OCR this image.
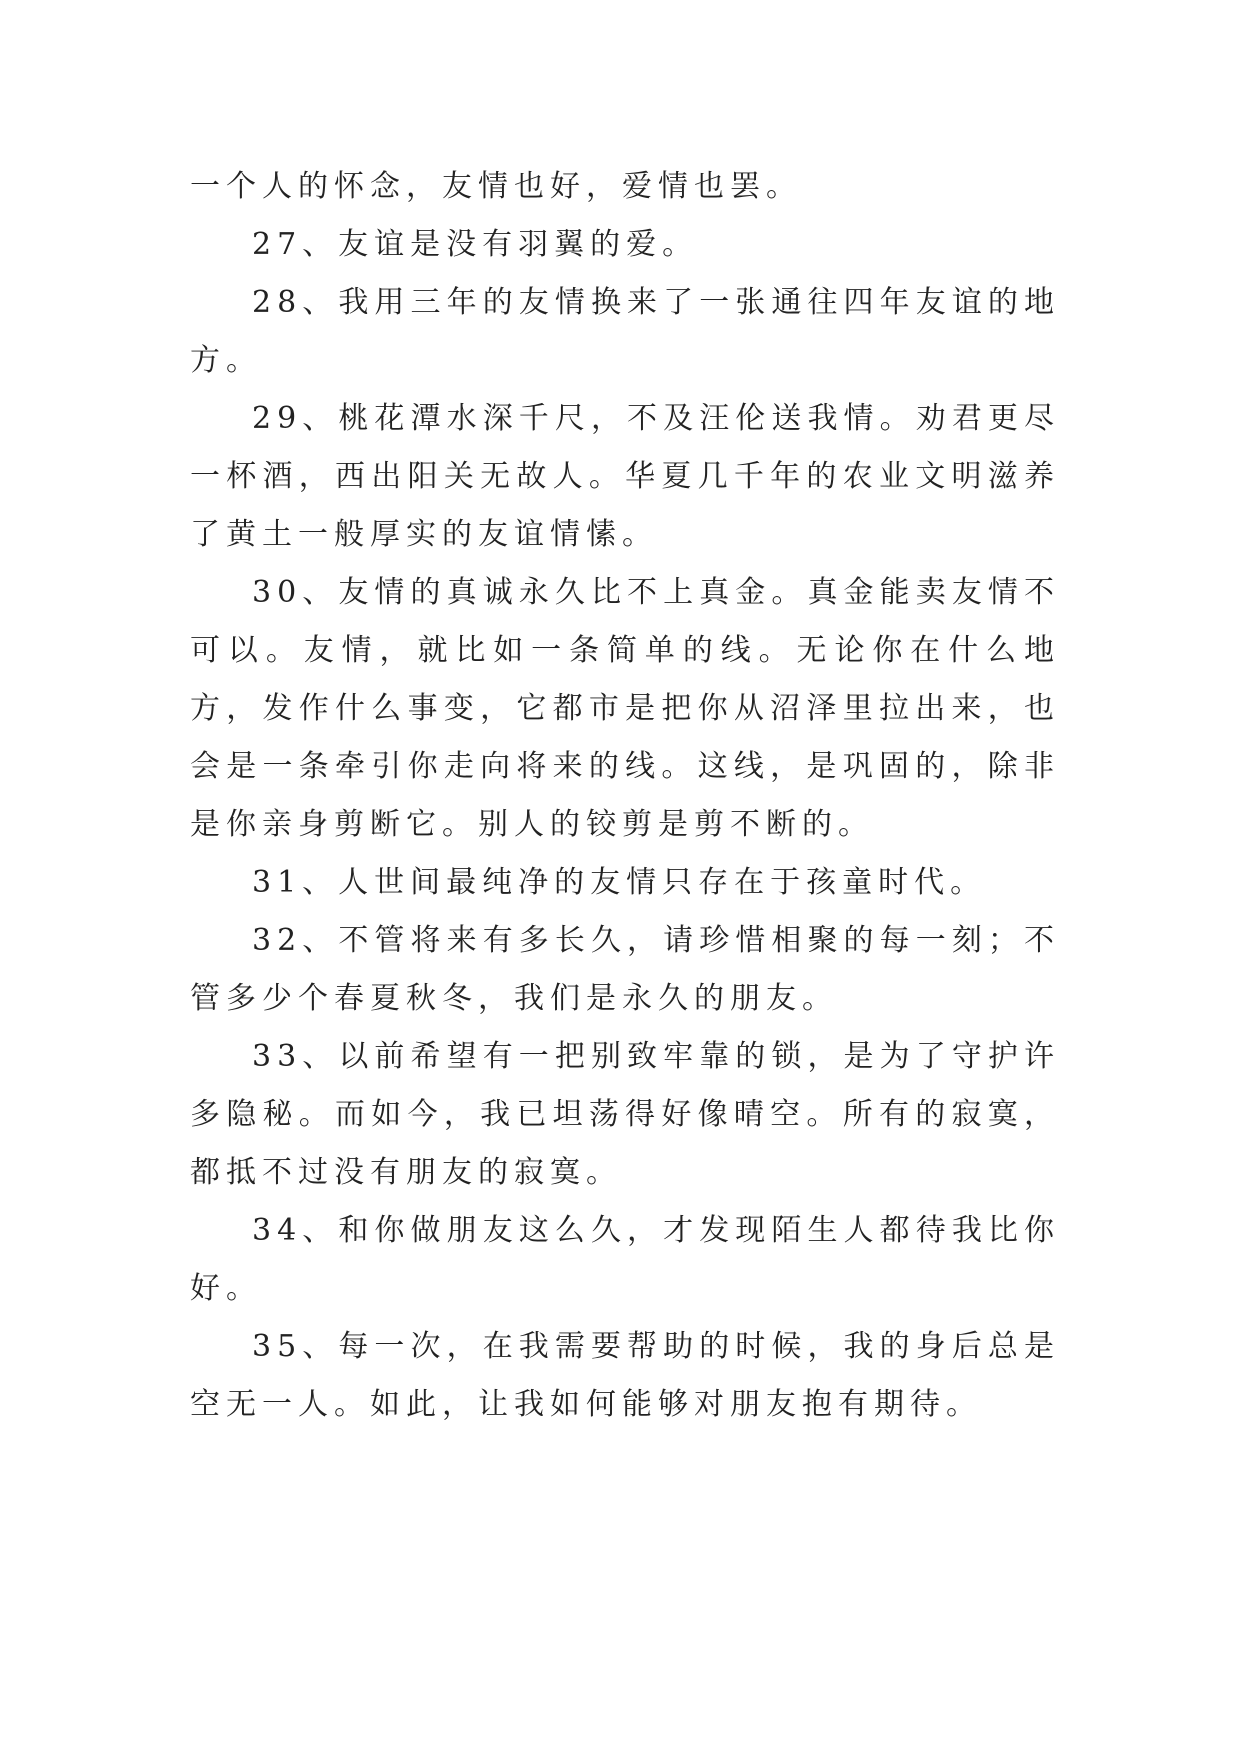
一个人的怀念，友情也好，爱情也罢。

27、友谊是没有羽翼的爱。

28、我用三年的友情换来了一张通往四年友谊的地方。

29、桃花潭水深千尺，不及汪伦送我情。劝君更尽一杯酒，西出阳关无故人。华夏几千年的农业文明滋养了黄土一般厚实的友谊情愫。

30、友情的真诚永久比不上真金。真金能卖友情不可以。友情，就比如一条简单的线。无论你在什么地方，发作什么事变，它都市是把你从沼泽里拉出来，也会是一条牵引你走向将来的线。这线，是巩固的，除非是你亲身剪断它。别人的铰剪是剪不断的。

31、人世间最纯净的友情只存在于孩童时代。

32、不管将来有多长久，请珍惜相聚的每一刻；不管多少个春夏秋冬，我们是永久的朋友。

33、以前希望有一把别致牢靠的锁，是为了守护许多隐秘。而如今，我已坦荡得好像晴空。所有的寂寞，都抵不过没有朋友的寂寞。

34、和你做朋友这么久，才发现陌生人都待我比你好。

35、每一次，在我需要帮助的时候，我的身后总是空无一人。如此，让我如何能够对朋友抱有期待。
